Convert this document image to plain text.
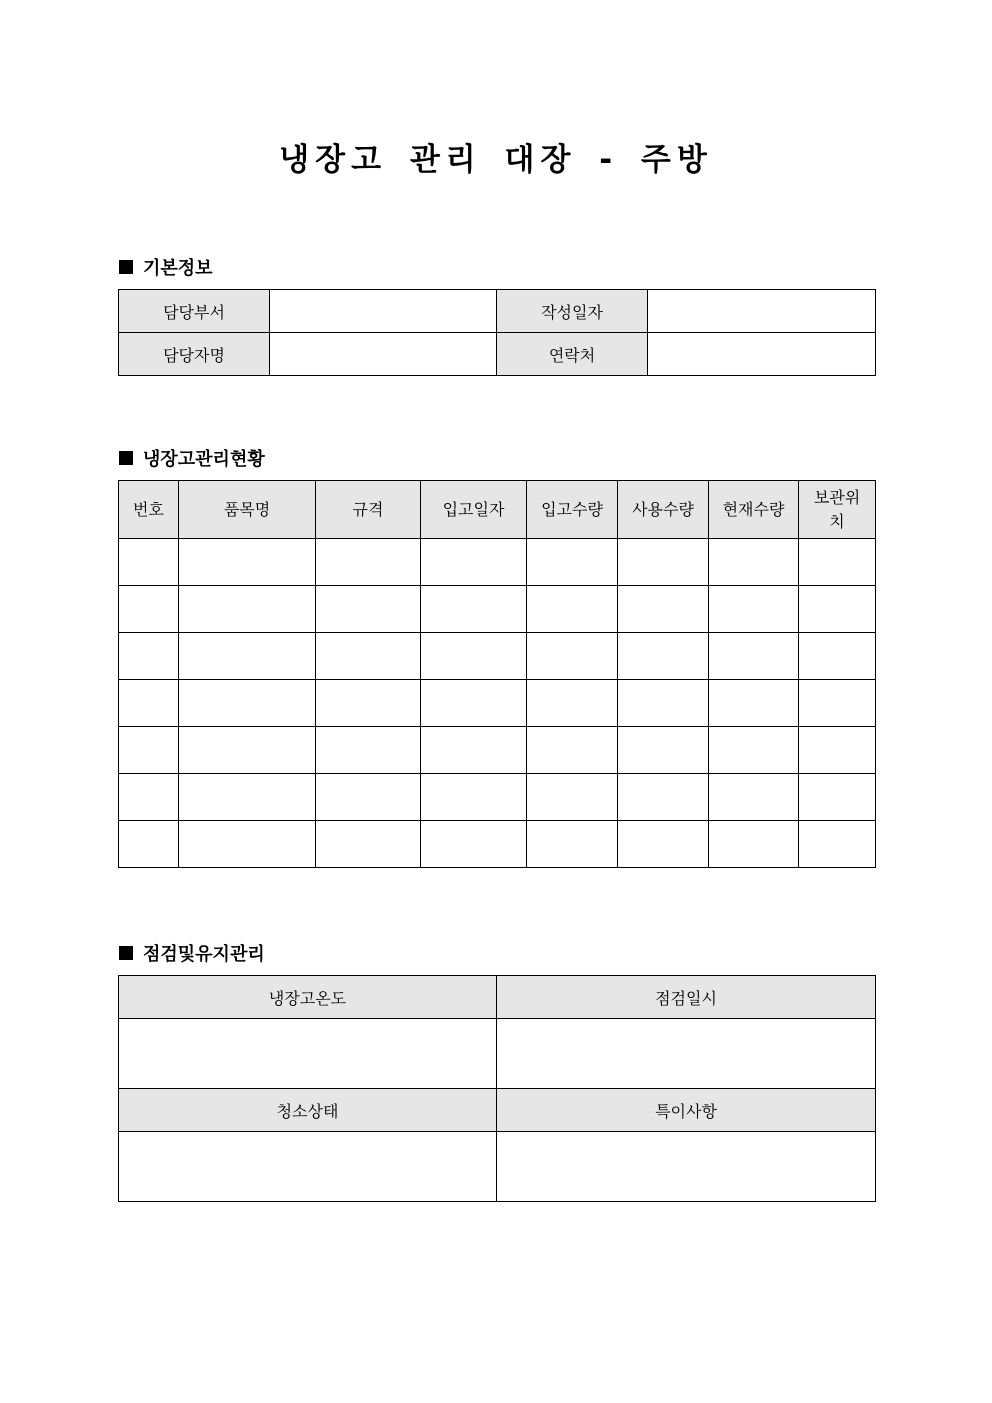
냉장고 관리 대장 - 주방
기본정보
담당부서		작성일자	
담당자명		연락처	
냉장고관리현황
번호	품목명	규격	입고일자	입고수량	사용수량	현재수량	보관위치

점검및유지관리
냉장고온도	점검일시

청소상태	특이사항
